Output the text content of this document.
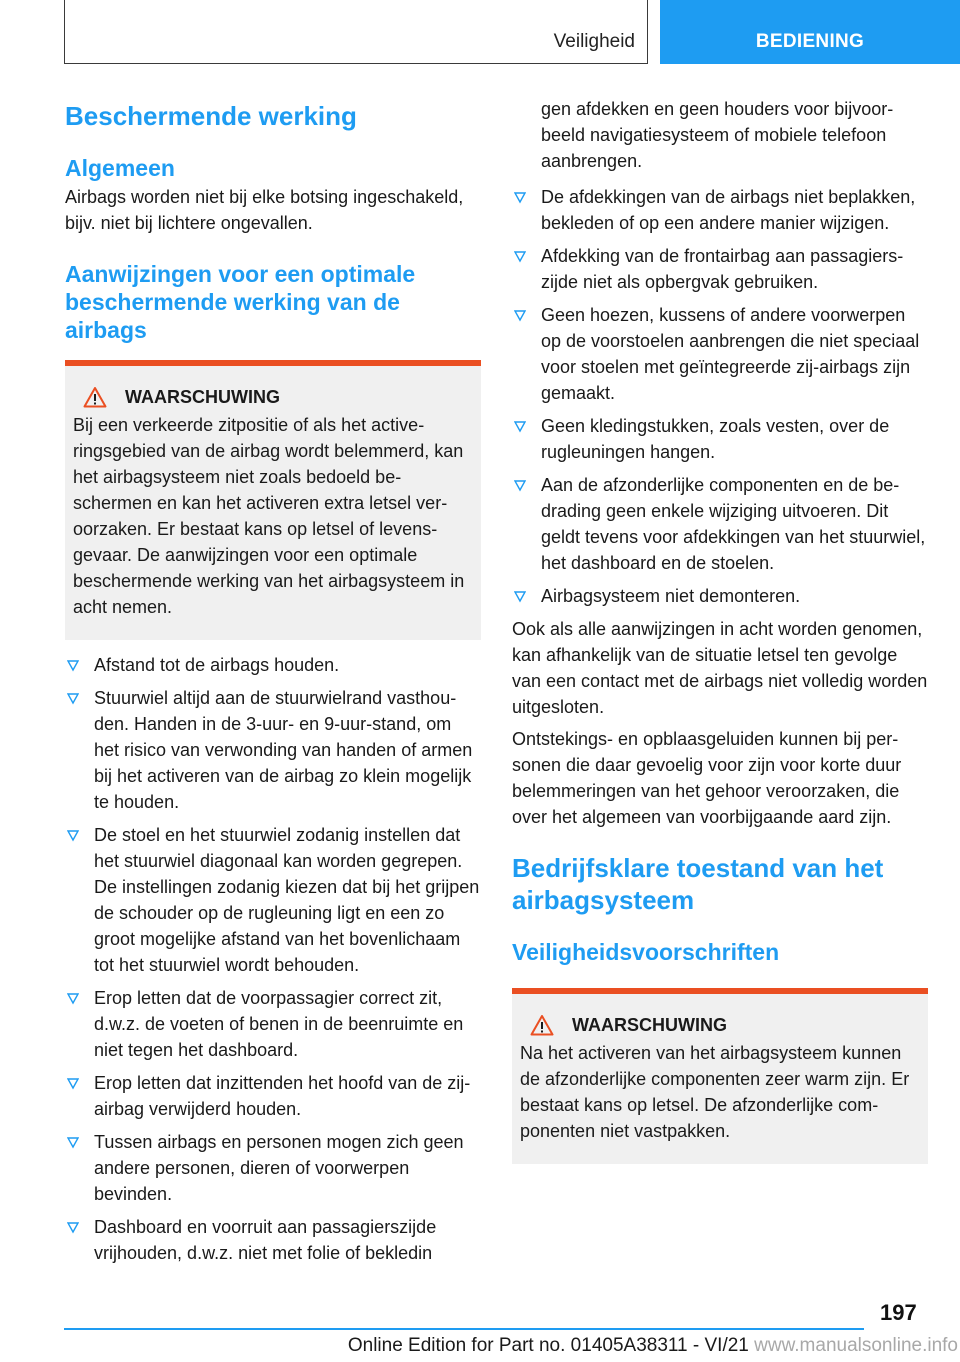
Veiligheid	BEDIENING
Beschermende werking
Algemeen

Airbags worden niet bij elke botsing ingeschakeld, bijv. niet bij lichtere ongevallen.

Aanwijzingen voor een optimale beschermende werking van de airbags
WAARSCHUWING

Bij een verkeerde zitpositie of als het activeringsgebied van de airbag wordt belemmerd, kan het airbagsysteem niet zoals bedoeld beschermen en kan het activeren extra letsel veroorzaken. Er bestaat kans op letsel of levensgevaar. De aanwijzingen voor een optimale beschermende werking van het airbagsysteem in acht nemen.

Afstand tot de airbags houden.
Stuurwiel altijd aan de stuurwielrand vasthouden. Handen in de 3-uur- en 9-uur-stand, om het risico van verwonding van handen of armen bij het activeren van de airbag zo klein mogelijk te houden.
De stoel en het stuurwiel zodanig instellen dat het stuurwiel diagonaal kan worden gegrepen. De instellingen zodanig kiezen dat bij het grijpen de schouder op de rugleuning ligt en een zo groot mogelijke afstand van het bovenlichaam tot het stuurwiel wordt behouden.
Erop letten dat de voorpassagier correct zit, d.w.z. de voeten of benen in de beenruimte en niet tegen het dashboard.
Erop letten dat inzittenden het hoofd van de zij-airbag verwijderd houden.
Tussen airbags en personen mogen zich geen andere personen, dieren of voorwerpen bevinden.
Dashboard en voorruit aan passagierszijde vrijhouden, d.w.z. niet met folie of bekledin

gen afdekken en geen houders voor bijvoorbeeld navigatiesysteem of mobiele telefoon aanbrengen.

De afdekkingen van de airbags niet beplakken, bekleden of op een andere manier wijzigen.
Afdekking van de frontairbag aan passagierszijde niet als opbergvak gebruiken.
Geen hoezen, kussens of andere voorwerpen op de voorstoelen aanbrengen die niet speciaal voor stoelen met geïntegreerde zij-airbags zijn gemaakt.
Geen kledingstukken, zoals vesten, over de rugleuningen hangen.
Aan de afzonderlijke componenten en de bedrading geen enkele wijziging uitvoeren. Dit geldt tevens voor afdekkingen van het stuurwiel, het dashboard en de stoelen.
Airbagsysteem niet demonteren.

Ook als alle aanwijzingen in acht worden genomen, kan afhankelijk van de situatie letsel ten gevolge van een contact met de airbags niet volledig worden uitgesloten.

Ontstekings- en opblaasgeluiden kunnen bij personen die daar gevoelig voor zijn voor korte duur belemmeringen van het gehoor veroorzaken, die over het algemeen van voorbijgaande aard zijn.

Bedrijfsklare toestand van het airbagsysteem
Veiligheidsvoorschriften
WAARSCHUWING

Na het activeren van het airbagsysteem kunnen de afzonderlijke componenten zeer warm zijn. Er bestaat kans op letsel. De afzonderlijke componenten niet vastpakken.

197
Online Edition for Part no. 01405A38311 - VI/21 www.manualsonline.info
